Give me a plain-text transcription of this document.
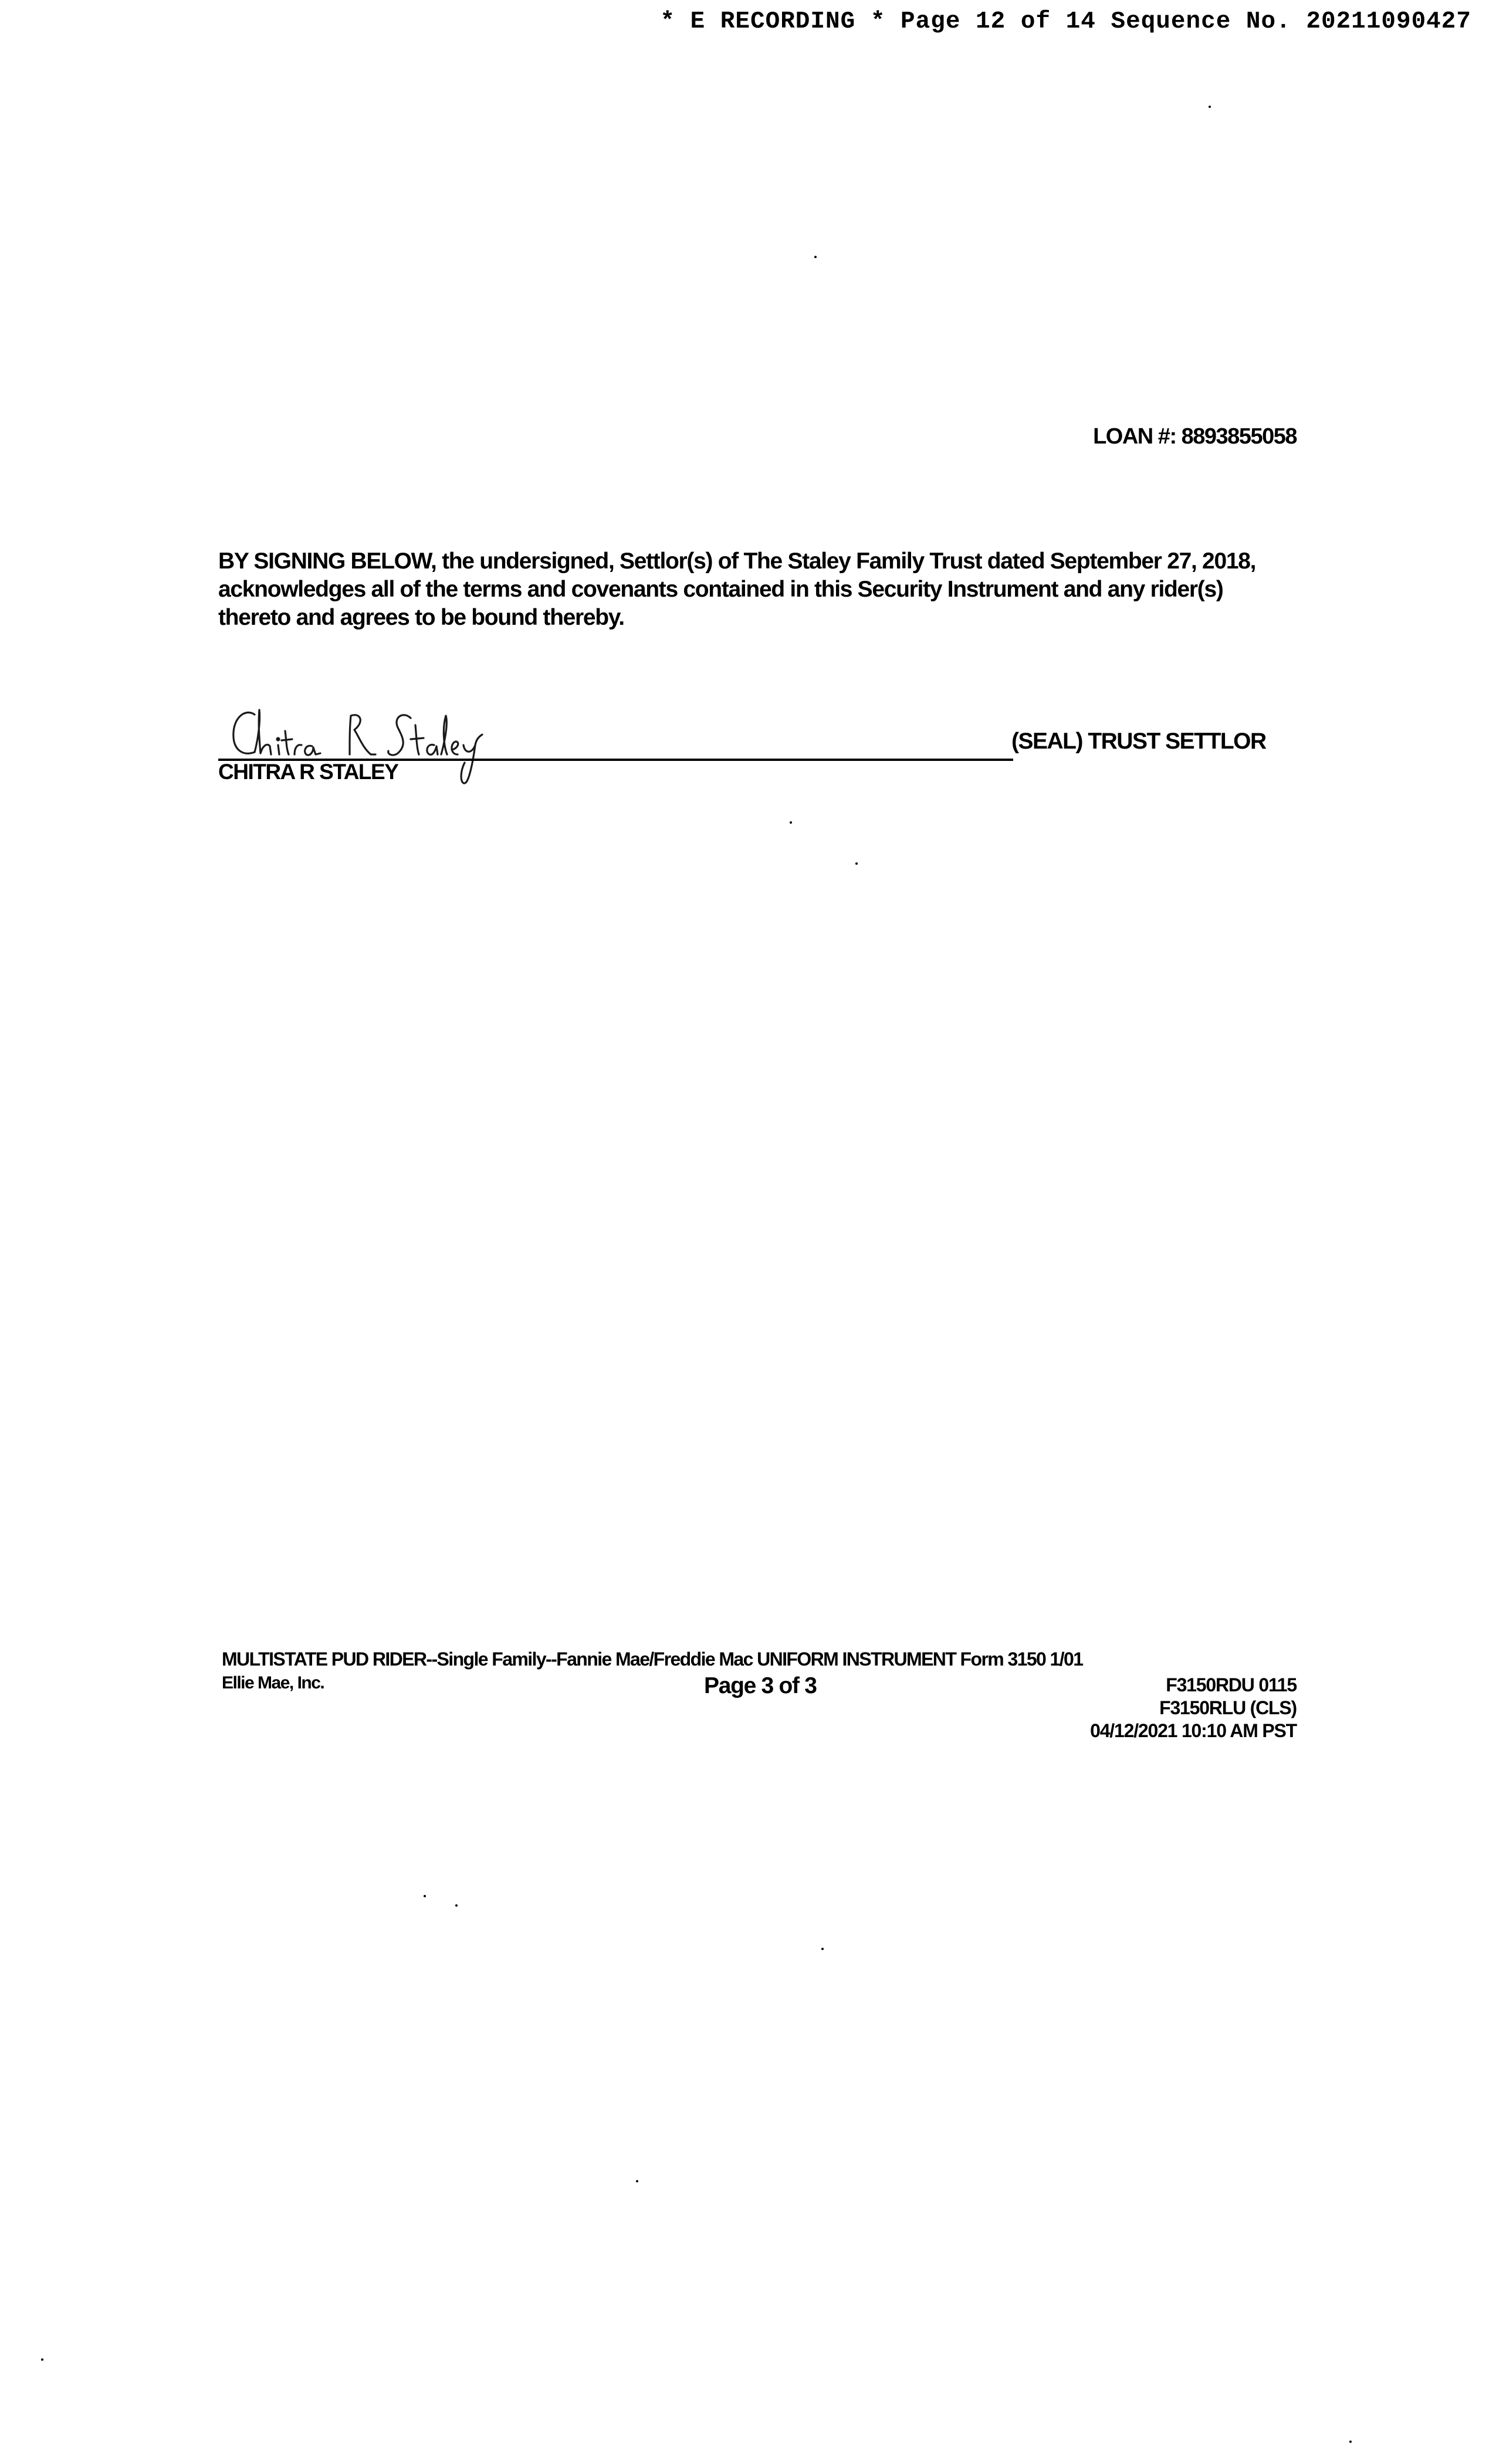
* E RECORDING * Page 12 of 14 Sequence No. 20211090427
LOAN #: 8893855058

BY SIGNING BELOW, the undersigned, Settlor(s) of The Staley Family Trust dated September 27, 2018, acknowledges all of the terms and covenants contained in this Security Instrument and any rider(s) thereto and agrees to be bound thereby.

CHITRA R STALEY
(SEAL) TRUST SETTLOR
MULTISTATE PUD RIDER--Single Family--Fannie Mae/Freddie Mac UNIFORM INSTRUMENT Form 3150 1/01
Ellie Mae, Inc.	Page 3 of 3	F3150RDU 0115
F3150RLU (CLS)
04/12/2021 10:10 AM PST
